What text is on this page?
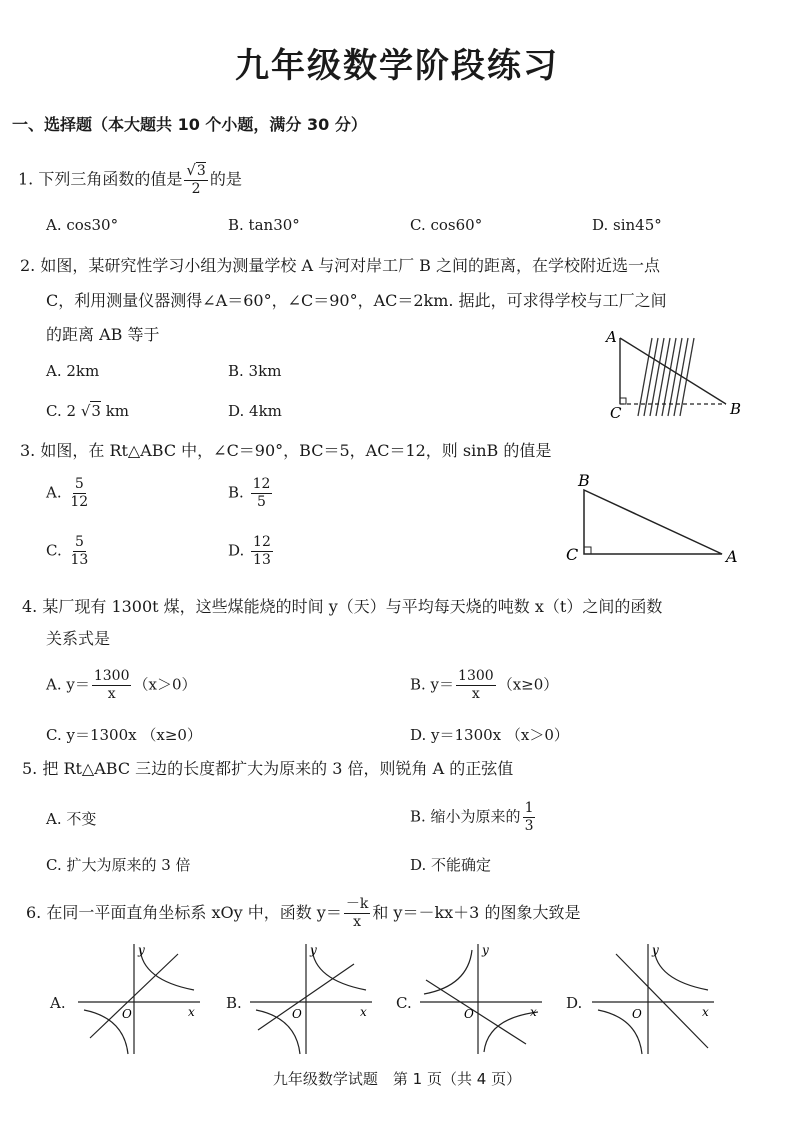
九年级数学阶段练习
一、选择题（本大题共 10 个小题，满分 30 分）
1. 下列三角函数的值是 $\frac{√3}{2}$ 的是
A. cos30°	B. tan30°	C. cos60°	D. sin45°
2. 如图，某研究性学习小组为测量学校 A 与河对岸工厂 B 之间的距离，在学校附近选一点
C，利用测量仪器测得∠A＝60°，∠C＝90°，AC＝2km. 据此，可求得学校与工厂之间
的距离 AB 等于
A. 2km	B. 3km
C. 2 √3 km	D. 4km
A
B
C
3. 如图，在 Rt△ABC 中，∠C＝90°，BC＝5，AC＝12，则 sinB 的值是
A. $\frac{5}{12}$	B. $\frac{12}{5}$
C. $\frac{5}{13}$	D. $\frac{12}{13}$
B
C	A
4. 某厂现有 1300t 煤，这些煤能烧的时间 y（天）与平均每天烧的吨数 x（t）之间的函数
关系式是
A. $y= \frac{1300}{x} (x>0)$	B. $y= \frac{1300}{x} (x\ge 0)$
C. y＝1300x （x≥0）	D. y＝1300x （x＞0）
5. 把 Rt△ABC 三边的长度都扩大为原来的 3 倍，则锐角 A 的正弦值
A. 不变	B. 缩小为原来的 $\frac{1}{3}$
C. 扩大为原来的 3 倍	D. 不能确定
6. 在同一平面直角坐标系 xOy 中，函数 $y= \frac{-k}{x}$ 和 y＝－kx＋3 的图象大致是
A.	B.	C.	D.
y
x
O
y
x
O
y
x
O
y
x
O
九年级数学试题　第 1 页（共 4 页）
